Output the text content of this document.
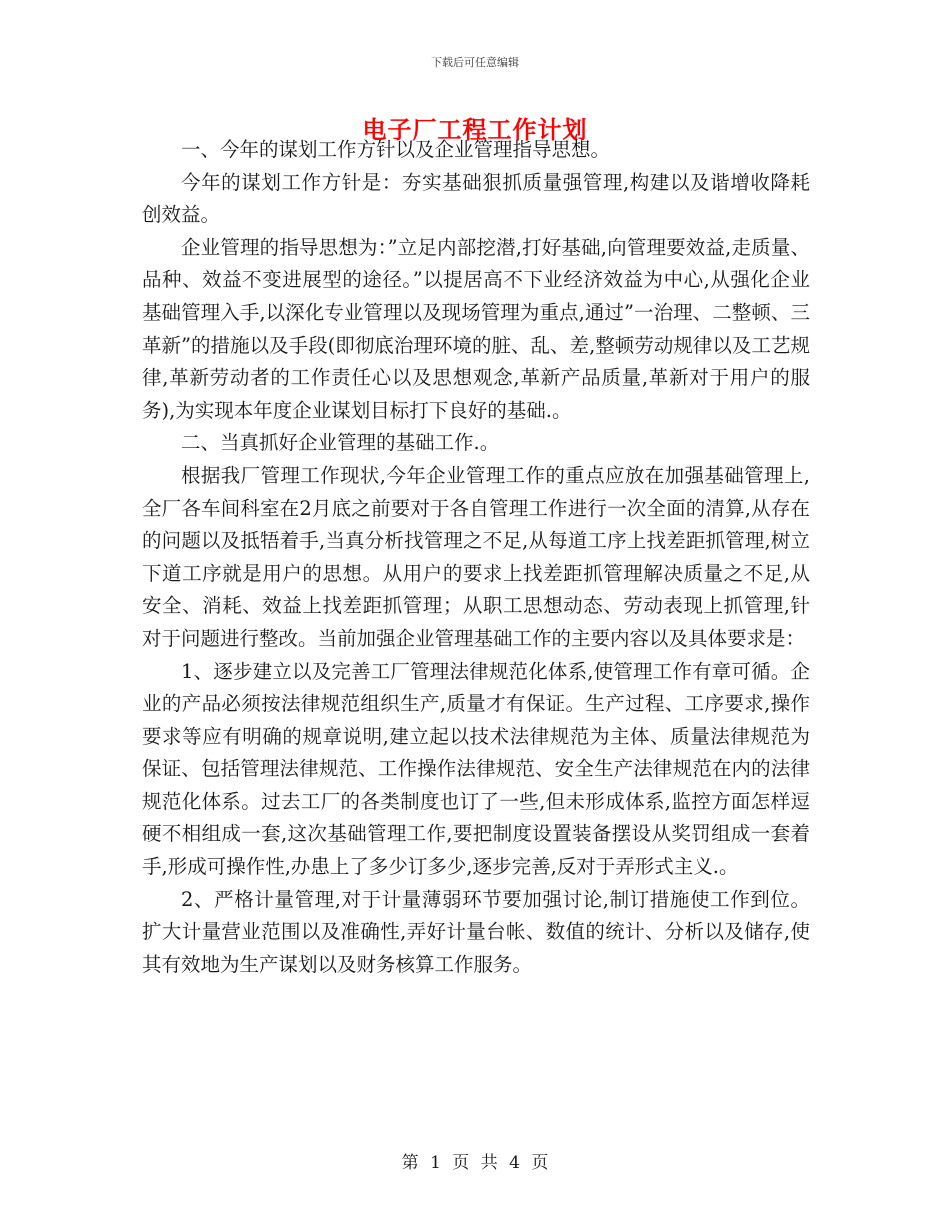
下载后可任意编辑
电子厂工程工作计划

一、今年的谋划工作方针以及企业管理指导思想。

今年的谋划工作方针是：夯实基础狠抓质量强管理,构建以及谐增收降耗创效益。

企业管理的指导思想为：”立足内部挖潜,打好基础,向管理要效益,走质量、品种、效益不变进展型的途径。”以提居高不下业经济效益为中心,从强化企业基础管理入手,以深化专业管理以及现场管理为重点,通过”一治理、二整顿、三革新”的措施以及手段(即彻底治理环境的脏、乱、差,整顿劳动规律以及工艺规律,革新劳动者的工作责任心以及思想观念,革新产品质量,革新对于用户的服务),为实现本年度企业谋划目标打下良好的基础.。

二、当真抓好企业管理的基础工作.。

根据我厂管理工作现状,今年企业管理工作的重点应放在加强基础管理上,全厂各车间科室在2月底之前要对于各自管理工作进行一次全面的清算,从存在的问题以及抵牾着手,当真分析找管理之不足,从每道工序上找差距抓管理,树立下道工序就是用户的思想。从用户的要求上找差距抓管理解决质量之不足,从安全、消耗、效益上找差距抓管理；从职工思想动态、劳动表现上抓管理,针对于问题进行整改。当前加强企业管理基础工作的主要内容以及具体要求是：

1、逐步建立以及完善工厂管理法律规范化体系,使管理工作有章可循。企业的产品必须按法律规范组织生产,质量才有保证。生产过程、工序要求,操作要求等应有明确的规章说明,建立起以技术法律规范为主体、质量法律规范为保证、包括管理法律规范、工作操作法律规范、安全生产法律规范在内的法律规范化体系。过去工厂的各类制度也订了一些,但未形成体系,监控方面怎样逗硬不相组成一套,这次基础管理工作,要把制度设置装备摆设从奖罚组成一套着手,形成可操作性,办患上了多少订多少,逐步完善,反对于弄形式主义.。

2、严格计量管理,对于计量薄弱环节要加强讨论,制订措施使工作到位。扩大计量营业范围以及准确性,弄好计量台帐、数值的统计、分析以及储存,使其有效地为生产谋划以及财务核算工作服务。

第 1 页 共 4 页
